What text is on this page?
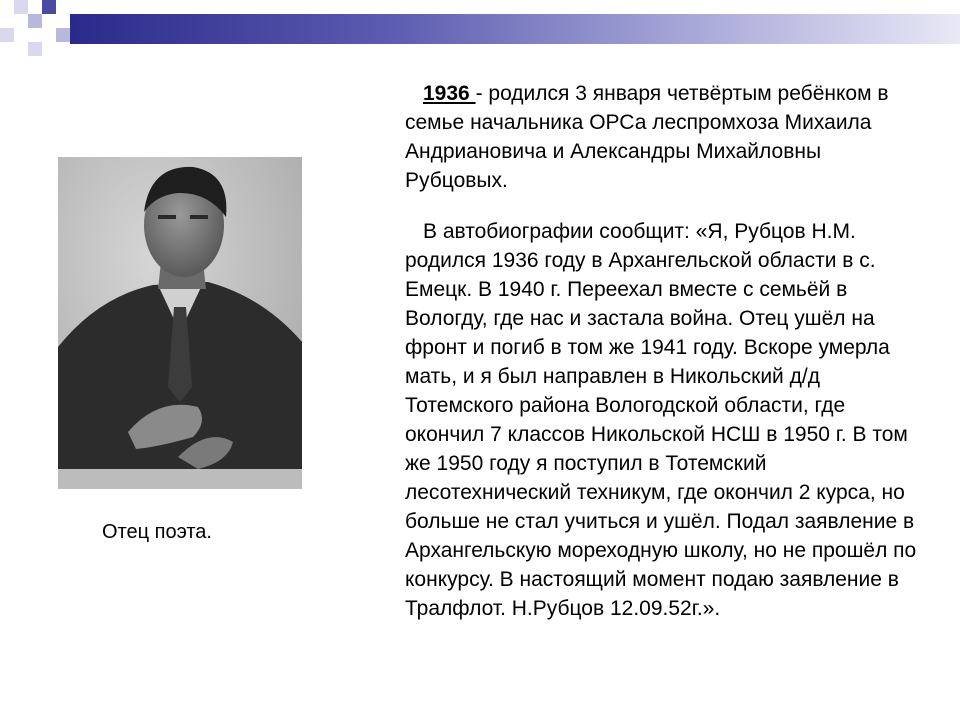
Отец поэта.

1936 - родился 3 января четвёртым ребёнком в семье начальника ОРСа леспромхоза Михаила Андриановича и Александры Михайловны Рубцовых.

В автобиографии сообщит: «Я, Рубцов Н.М. родился 1936 году в Архангельской области в с. Емецк. В 1940 г. Переехал вместе с семьёй в Вологду, где нас и застала война. Отец ушёл на фронт и погиб в том же 1941 году. Вскоре умерла мать, и я был направлен в Никольский д/д Тотемского района Вологодской области, где окончил 7 классов Никольской НСШ в 1950 г. В том же 1950 году я поступил в Тотемский лесотехнический техникум, где окончил 2 курса, но больше не стал учиться и ушёл. Подал заявление в Архангельскую мореходную школу, но не прошёл по конкурсу. В настоящий момент подаю заявление в Тралфлот. Н.Рубцов 12.09.52г.».
